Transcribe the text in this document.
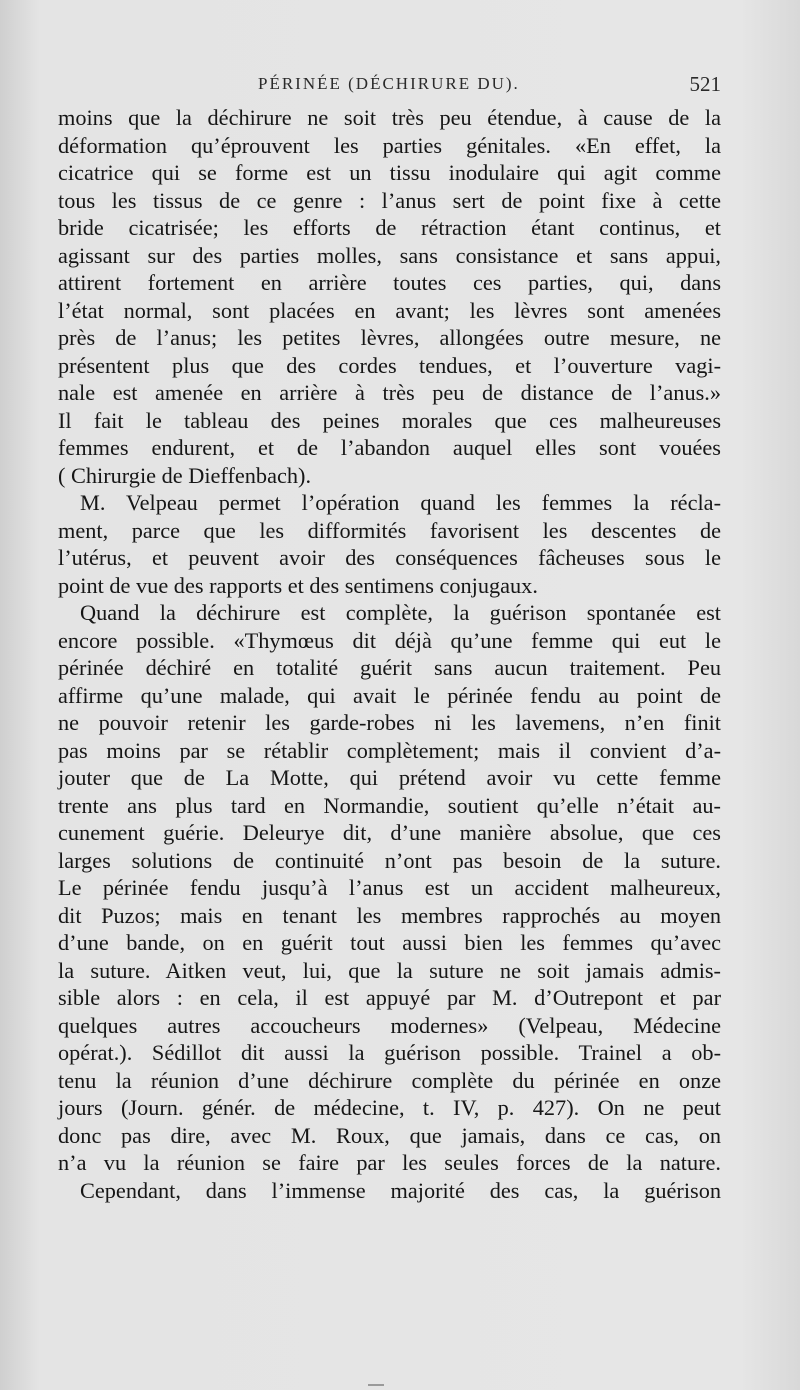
PÉRINÉE (DÉCHIRURE DU).	521
moins que la déchirure ne soit très peu étendue, à cause de la
déformation qu’éprouvent les parties génitales. «En effet, la
cicatrice qui se forme est un tissu inodulaire qui agit comme
tous les tissus de ce genre : l’anus sert de point fixe à cette
bride cicatrisée; les efforts de rétraction étant continus, et
agissant sur des parties molles, sans consistance et sans appui,
attirent fortement en arrière toutes ces parties, qui, dans
l’état normal, sont placées en avant; les lèvres sont amenées
près de l’anus; les petites lèvres, allongées outre mesure, ne
présentent plus que des cordes tendues, et l’ouverture vagi-
nale est amenée en arrière à très peu de distance de l’anus.»
Il fait le tableau des peines morales que ces malheureuses
femmes endurent, et de l’abandon auquel elles sont vouées
( Chirurgie de Dieffenbach).
M. Velpeau permet l’opération quand les femmes la récla-
ment, parce que les difformités favorisent les descentes de
l’utérus, et peuvent avoir des conséquences fâcheuses sous le
point de vue des rapports et des sentimens conjugaux.
Quand la déchirure est complète, la guérison spontanée est
encore possible. «Thymœus dit déjà qu’une femme qui eut le
périnée déchiré en totalité guérit sans aucun traitement. Peu
affirme qu’une malade, qui avait le périnée fendu au point de
ne pouvoir retenir les garde-robes ni les lavemens, n’en finit
pas moins par se rétablir complètement; mais il convient d’a-
jouter que de La Motte, qui prétend avoir vu cette femme
trente ans plus tard en Normandie, soutient qu’elle n’était au-
cunement guérie. Deleurye dit, d’une manière absolue, que ces
larges solutions de continuité n’ont pas besoin de la suture.
Le périnée fendu jusqu’à l’anus est un accident malheureux,
dit Puzos; mais en tenant les membres rapprochés au moyen
d’une bande, on en guérit tout aussi bien les femmes qu’avec
la suture. Aitken veut, lui, que la suture ne soit jamais admis-
sible alors : en cela, il est appuyé par M. d’Outrepont et par
quelques autres accoucheurs modernes» (Velpeau, Médecine
opérat.). Sédillot dit aussi la guérison possible. Trainel a ob-
tenu la réunion d’une déchirure complète du périnée en onze
jours (Journ. génér. de médecine, t. IV, p. 427). On ne peut
donc pas dire, avec M. Roux, que jamais, dans ce cas, on
n’a vu la réunion se faire par les seules forces de la nature.
Cependant, dans l’immense majorité des cas, la guérison
